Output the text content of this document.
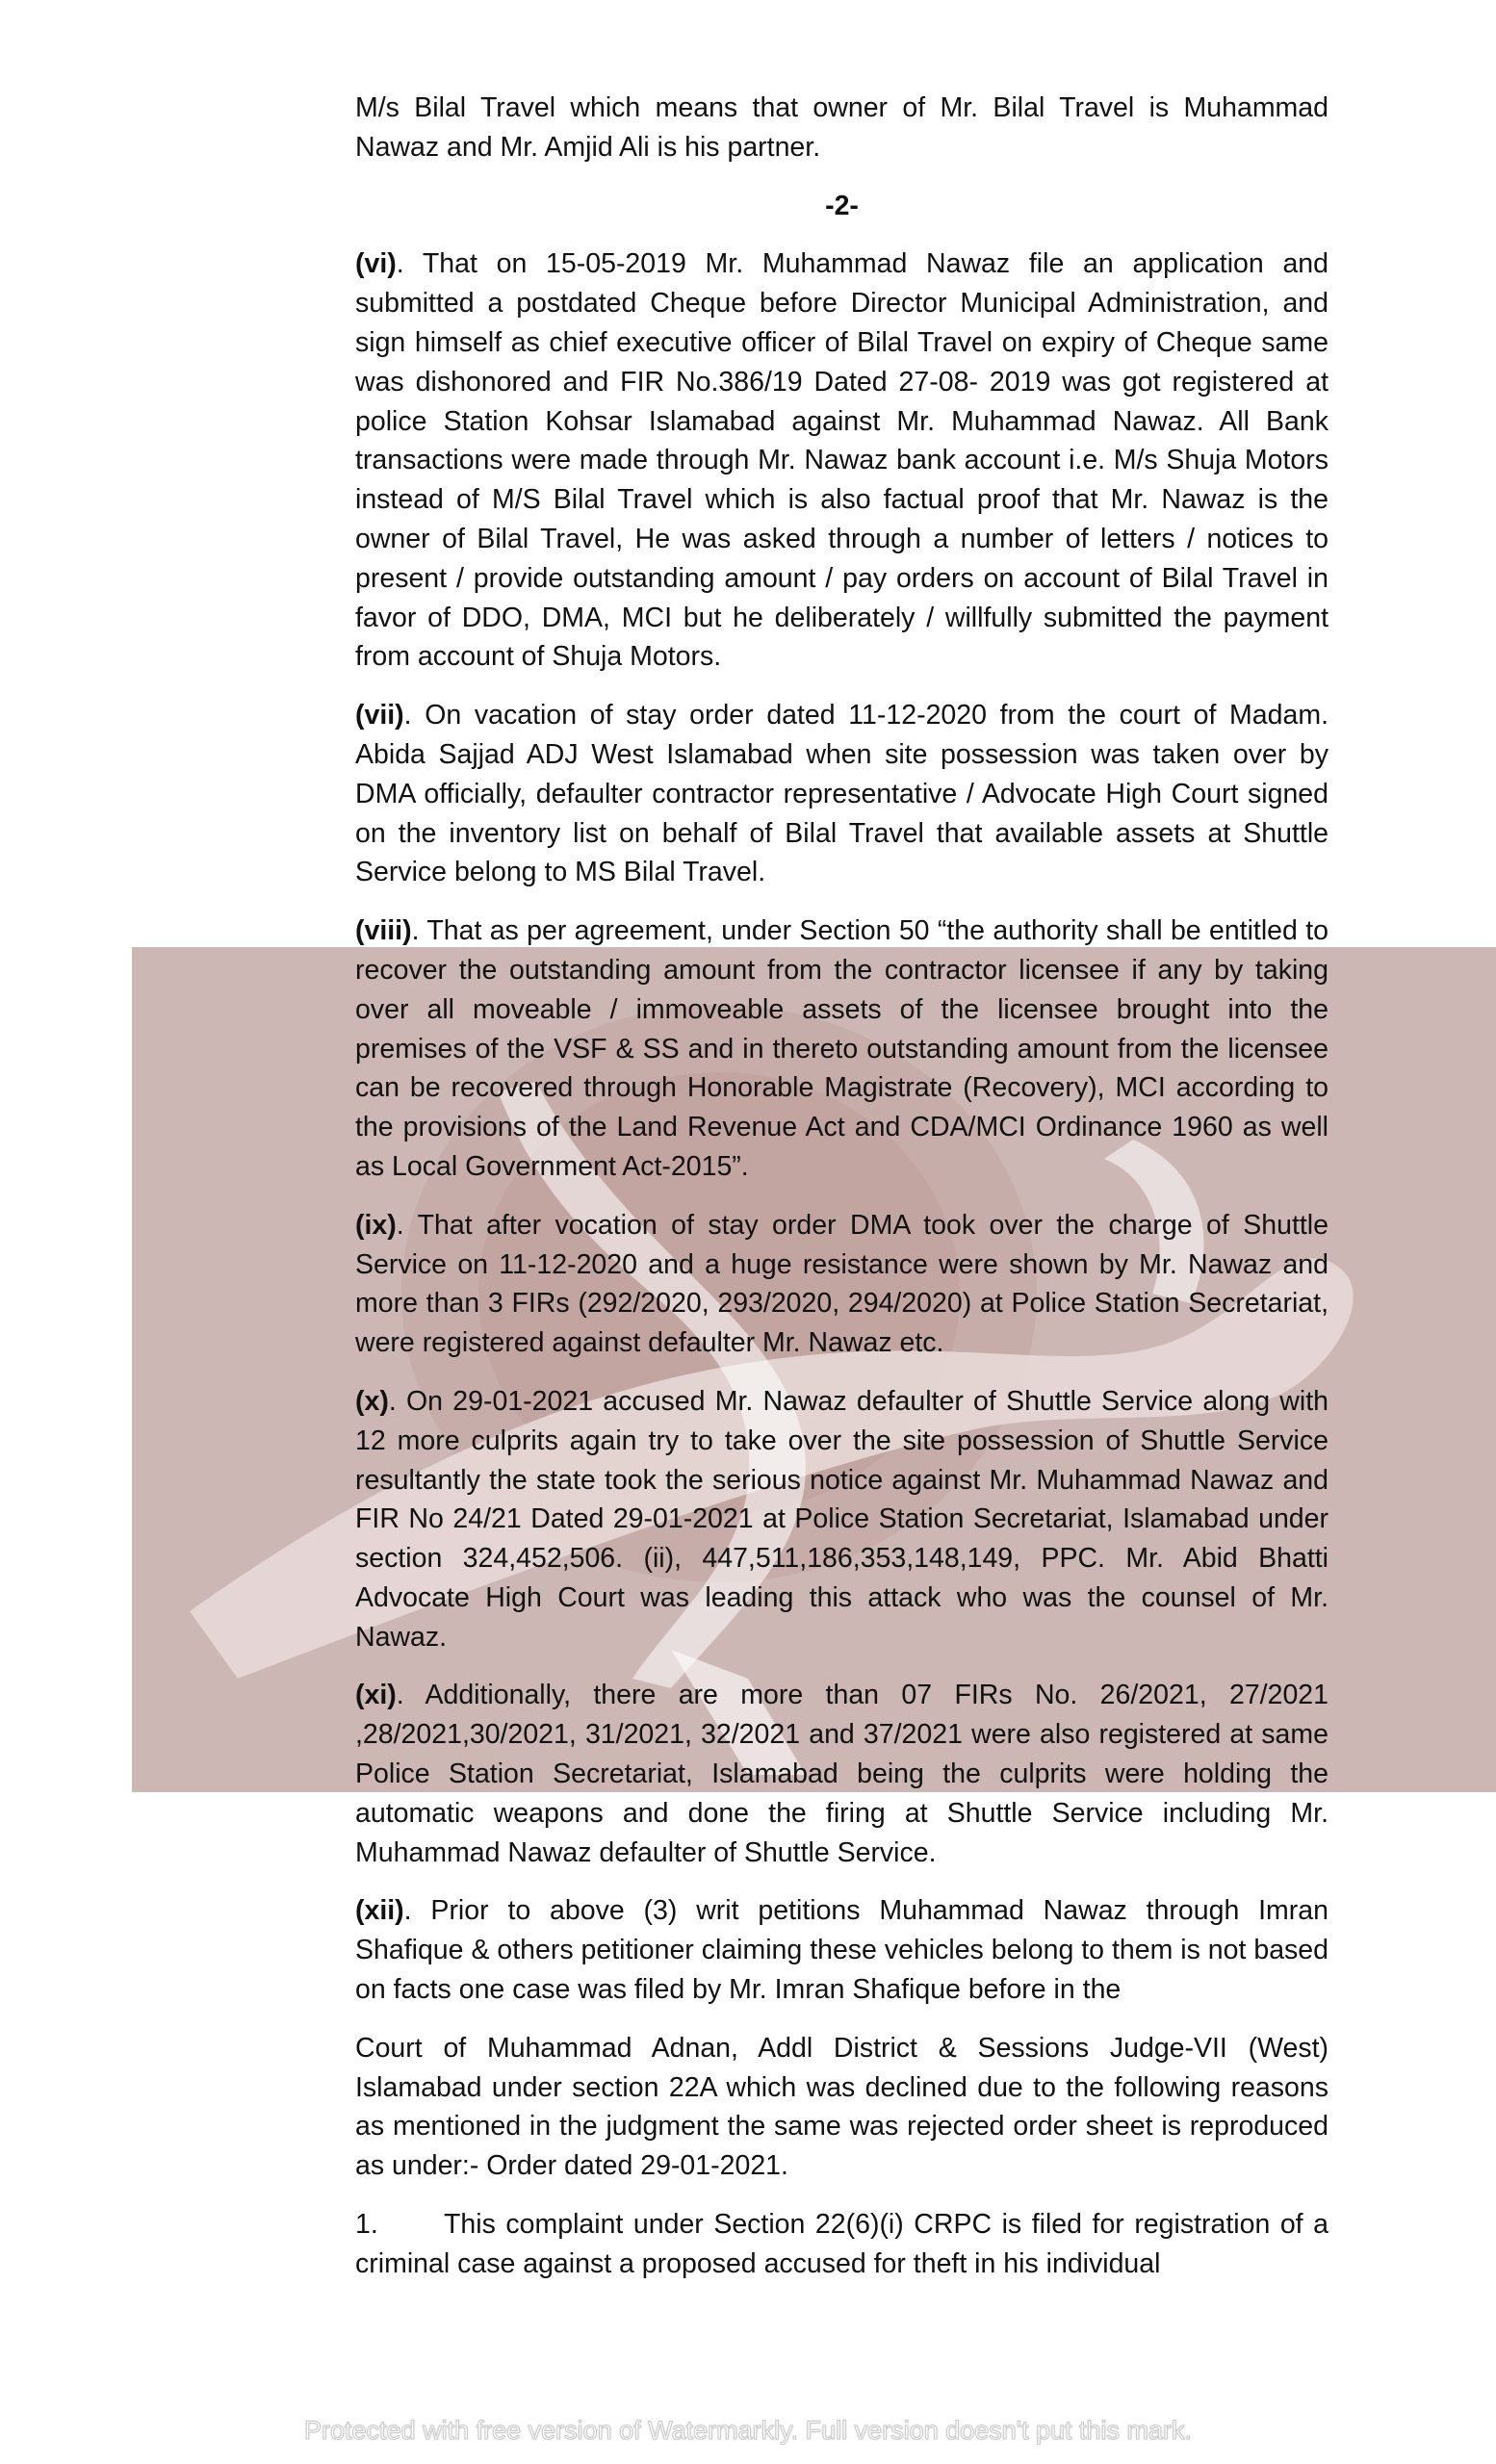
M/s Bilal Travel which means that owner of Mr. Bilal Travel is Muhammad Nawaz and Mr. Amjid Ali is his partner.

-2-

(vi). That on 15-05-2019 Mr. Muhammad Nawaz file an application and submitted a postdated Cheque before Director Municipal Administration, and sign himself as chief executive officer of Bilal Travel on expiry of Cheque same was dishonored and FIR No.386/19 Dated 27-08- 2019 was got registered at police Station Kohsar Islamabad against Mr. Muhammad Nawaz. All Bank transactions were made through Mr. Nawaz bank account i.e. M/s Shuja Motors instead of M/S Bilal Travel which is also factual proof that Mr. Nawaz is the owner of Bilal Travel, He was asked through a number of letters / notices to present / provide outstanding amount / pay orders on account of Bilal Travel in favor of DDO, DMA, MCI but he deliberately / willfully submitted the payment from account of Shuja Motors.

(vii). On vacation of stay order dated 11-12-2020 from the court of Madam. Abida Sajjad ADJ West Islamabad when site possession was taken over by DMA officially, defaulter contractor representative / Advocate High Court signed on the inventory list on behalf of Bilal Travel that available assets at Shuttle Service belong to MS Bilal Travel.

(viii). That as per agreement, under Section 50 “the authority shall be entitled to recover the outstanding amount from the contractor licensee if any by taking over all moveable / immoveable assets of the licensee brought into the premises of the VSF & SS and in thereto outstanding amount from the licensee can be recovered through Honorable Magistrate (Recovery), MCI according to the provisions of the Land Revenue Act and CDA/MCI Ordinance 1960 as well as Local Government Act-2015”.

(ix). That after vocation of stay order DMA took over the charge of Shuttle Service on 11-12-2020 and a huge resistance were shown by Mr. Nawaz and more than 3 FIRs (292/2020, 293/2020, 294/2020) at Police Station Secretariat, were registered against defaulter Mr. Nawaz etc.

(x). On 29-01-2021 accused Mr. Nawaz defaulter of Shuttle Service along with 12 more culprits again try to take over the site possession of Shuttle Service resultantly the state took the serious notice against Mr. Muhammad Nawaz and FIR No 24/21 Dated 29-01-2021 at Police Station Secretariat, Islamabad under section 324,452,506. (ii), 447,511,186,353,148,149, PPC. Mr. Abid Bhatti Advocate High Court was leading this attack who was the counsel of Mr. Nawaz.

(xi). Additionally, there are more than 07 FIRs No. 26/2021, 27/2021 ,28/2021,30/2021, 31/2021, 32/2021 and 37/2021 were also registered at same Police Station Secretariat, Islamabad being the culprits were holding the automatic weapons and done the firing at Shuttle Service including Mr. Muhammad Nawaz defaulter of Shuttle Service.

(xii). Prior to above (3) writ petitions Muhammad Nawaz through Imran Shafique & others petitioner claiming these vehicles belong to them is not based on facts one case was filed by Mr. Imran Shafique before in the

Court of Muhammad Adnan, Addl District & Sessions Judge-VII (West) Islamabad under section 22A which was declined due to the following reasons as mentioned in the judgment the same was rejected order sheet is reproduced as under:- Order dated 29-01-2021.

1. This complaint under Section 22(6)(i) CRPC is filed for registration of a criminal case against a proposed accused for theft in his individual

Protected with free version of Watermarkly. Full version doesn't put this mark.
